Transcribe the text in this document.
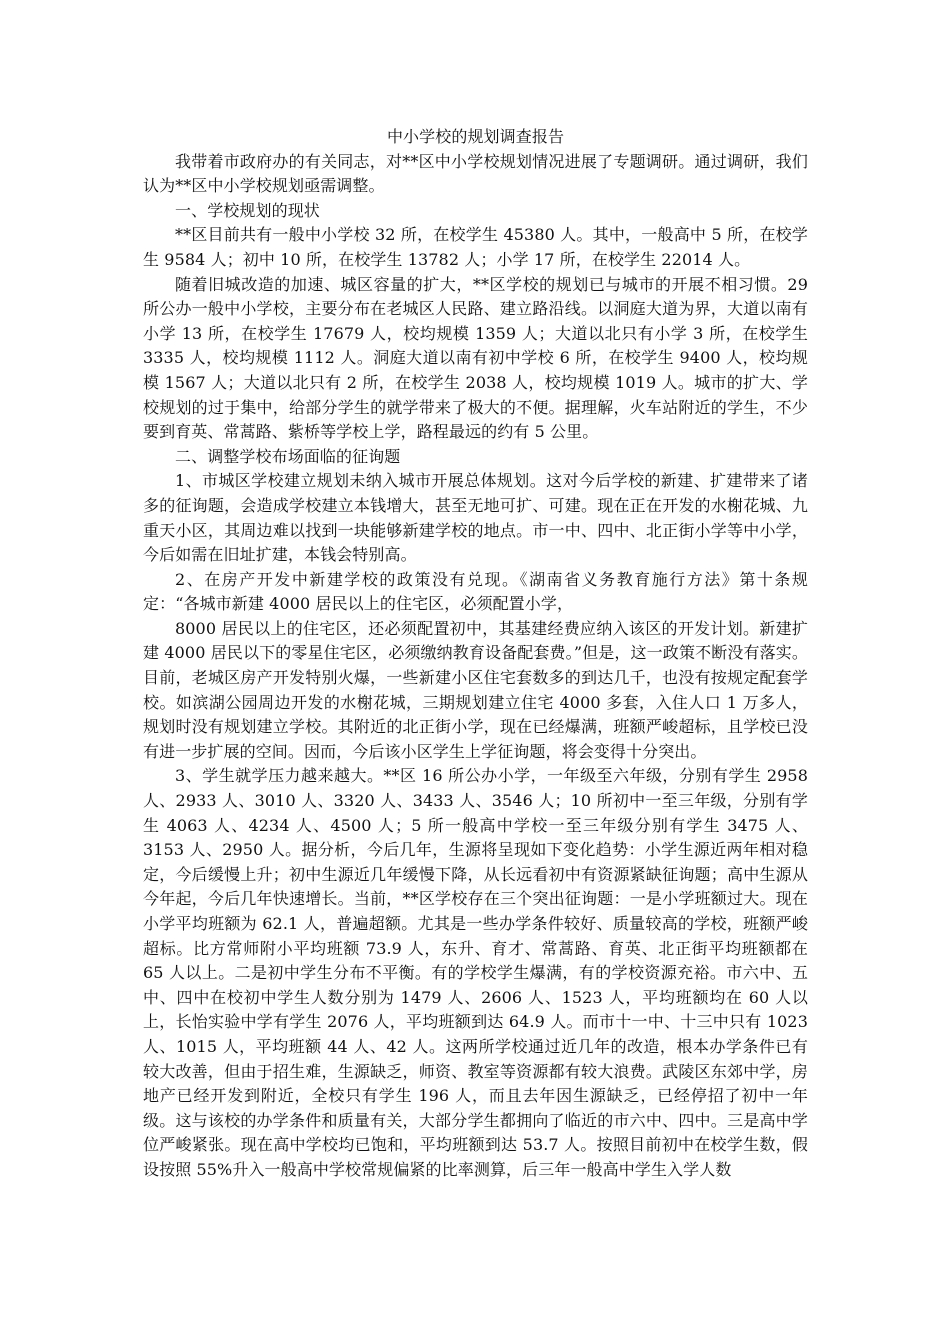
中小学校的规划调查报告

我带着市政府办的有关同志，对**区中小学校规划情况进展了专题调研。通过调研，我们认为**区中小学校规划亟需调整。

一、学校规划的现状

**区目前共有一般中小学校 32 所，在校学生 45380 人。其中，一般高中 5 所，在校学生 9584 人；初中 10 所，在校学生 13782 人；小学 17 所，在校学生 22014 人。

随着旧城改造的加速、城区容量的扩大，**区学校的规划已与城市的开展不相习惯。29 所公办一般中小学校，主要分布在老城区人民路、建立路沿线。以洞庭大道为界，大道以南有小学 13 所，在校学生 17679 人，校均规模 1359 人；大道以北只有小学 3 所，在校学生 3335 人，校均规模 1112 人。洞庭大道以南有初中学校 6 所，在校学生 9400 人，校均规模 1567 人；大道以北只有 2 所，在校学生 2038 人，校均规模 1019 人。城市的扩大、学校规划的过于集中，给部分学生的就学带来了极大的不便。据理解，火车站附近的学生，不少要到育英、常蒿路、紫桥等学校上学，路程最远的约有 5 公里。

二、调整学校布场面临的征询题

1、市城区学校建立规划未纳入城市开展总体规划。这对今后学校的新建、扩建带来了诸多的征询题，会造成学校建立本钱增大，甚至无地可扩、可建。现在正在开发的水榭花城、九重天小区，其周边难以找到一块能够新建学校的地点。市一中、四中、北正街小学等中小学，今后如需在旧址扩建，本钱会特别高。

2、在房产开发中新建学校的政策没有兑现。《湖南省义务教育施行方法》第十条规定：“各城市新建 4000 居民以上的住宅区，必须配置小学，

8000 居民以上的住宅区，还必须配置初中，其基建经费应纳入该区的开发计划。新建扩建 4000 居民以下的零星住宅区，必须缴纳教育设备配套费。”但是，这一政策不断没有落实。目前，老城区房产开发特别火爆，一些新建小区住宅套数多的到达几千，也没有按规定配套学校。如滨湖公园周边开发的水榭花城，三期规划建立住宅 4000 多套，入住人口 1 万多人，规划时没有规划建立学校。其附近的北正街小学，现在已经爆满，班额严峻超标，且学校已没有进一步扩展的空间。因而，今后该小区学生上学征询题，将会变得十分突出。

3、学生就学压力越来越大。**区 16 所公办小学，一年级至六年级，分别有学生 2958 人、2933 人、3010 人、3320 人、3433 人、3546 人；10 所初中一至三年级，分别有学生 4063 人、4234 人、4500 人；5 所一般高中学校一至三年级分别有学生 3475 人、3153 人、2950 人。据分析，今后几年，生源将呈现如下变化趋势：小学生源近两年相对稳定，今后缓慢上升；初中生源近几年缓慢下降，从长远看初中有资源紧缺征询题；高中生源从今年起，今后几年快速增长。当前，**区学校存在三个突出征询题：一是小学班额过大。现在小学平均班额为 62.1 人，普遍超额。尤其是一些办学条件较好、质量较高的学校，班额严峻超标。比方常师附小平均班额 73.9 人，东升、育才、常蒿路、育英、北正街平均班额都在 65 人以上。二是初中学生分布不平衡。有的学校学生爆满，有的学校资源充裕。市六中、五中、四中在校初中学生人数分别为 1479 人、2606 人、1523 人，平均班额均在 60 人以上，长怡实验中学有学生 2076 人，平均班额到达 64.9 人。而市十一中、十三中只有 1023 人、1015 人，平均班额 44 人、42 人。这两所学校通过近几年的改造，根本办学条件已有较大改善，但由于招生难，生源缺乏，师资、教室等资源都有较大浪费。武陵区东郊中学，房地产已经开发到附近，全校只有学生 196 人，而且去年因生源缺乏，已经停招了初中一年级。这与该校的办学条件和质量有关，大部分学生都拥向了临近的市六中、四中。三是高中学位严峻紧张。现在高中学校均已饱和，平均班额到达 53.7 人。按照目前初中在校学生数，假设按照 55%升入一般高中学校常规偏紧的比率测算，后三年一般高中学生入学人数
